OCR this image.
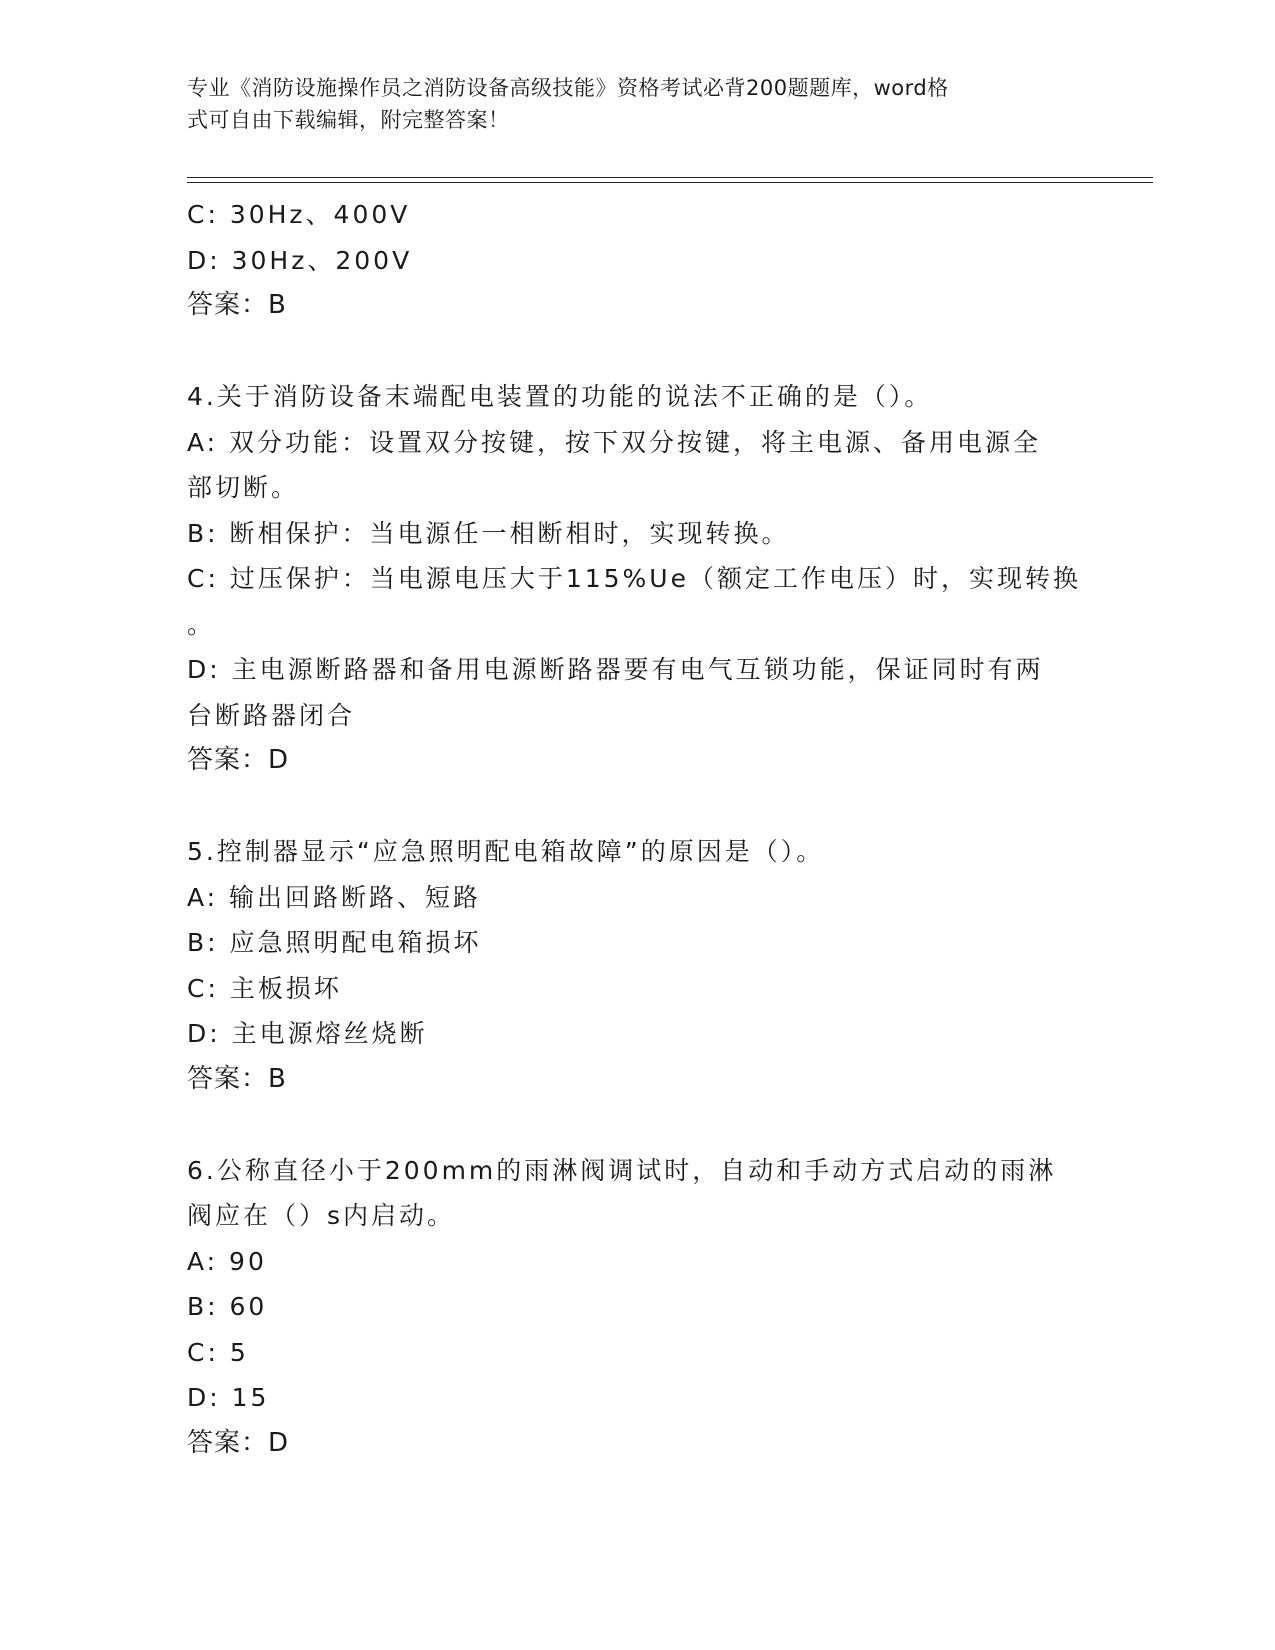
专业《消防设施操作员之消防设备高级技能》资格考试必背200题题库，word格
式可自由下载编辑，附完整答案！
C: 30Hz、400V
D: 30Hz、200V
答案：B
4.关于消防设备末端配电装置的功能的说法不正确的是（）。
A: 双分功能：设置双分按键，按下双分按键，将主电源、备用电源全
部切断。
B: 断相保护：当电源任一相断相时，实现转换。
C: 过压保护：当电源电压大于115%Ue（额定工作电压）时，实现转换
。
D: 主电源断路器和备用电源断路器要有电气互锁功能，保证同时有两
台断路器闭合
答案：D
5.控制器显示“应急照明配电箱故障”的原因是（）。
A: 输出回路断路、短路
B: 应急照明配电箱损坏
C: 主板损坏
D: 主电源熔丝烧断
答案：B
6.公称直径小于200mm的雨淋阀调试时，自动和手动方式启动的雨淋
阀应在（）s内启动。
A: 90
B: 60
C: 5
D: 15
答案：D
